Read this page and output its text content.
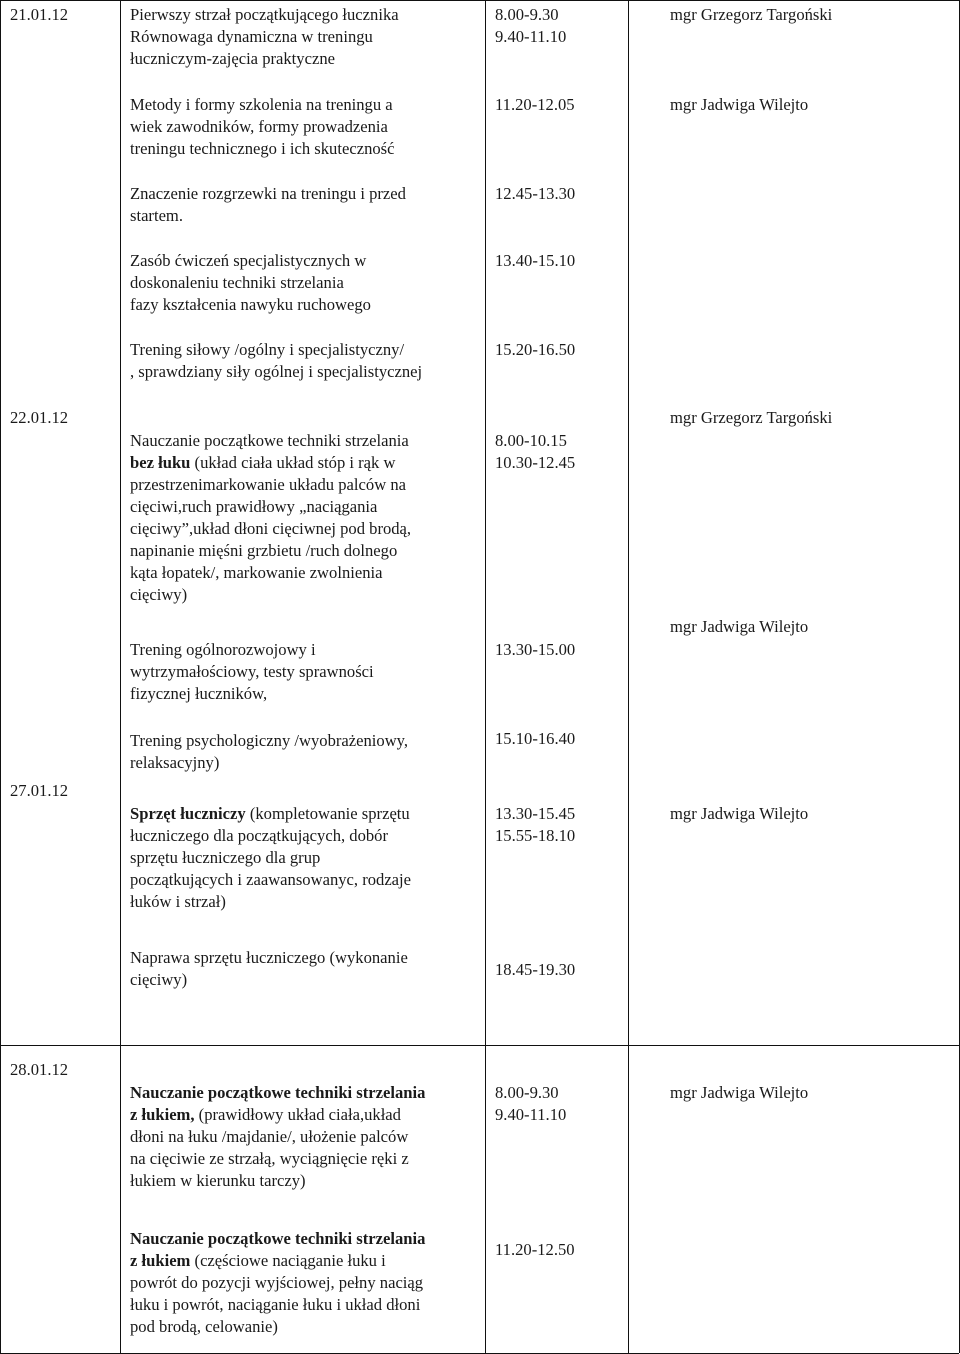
21.01.12	Pierwszy strzał początkującego łucznika
Równowaga dynamiczna w treningu
łuczniczym-zajęcia praktyczne
8.00-9.30
9.40-11.10
mgr Grzegorz Targoński
Metody i formy szkolenia na treningu a
wiek zawodników, formy prowadzenia
treningu technicznego i ich skuteczność
11.20-12.05	mgr Jadwiga Wilejto
Znaczenie rozgrzewki na treningu i przed
startem.
12.45-13.30
Zasób ćwiczeń specjalistycznych w
doskonaleniu techniki strzelania
fazy kształcenia nawyku ruchowego
13.40-15.10
Trening siłowy /ogólny i specjalistyczny/
, sprawdziany siły ogólnej i specjalistycznej
15.20-16.50
22.01.12
Nauczanie początkowe techniki strzelania
bez łuku (układ ciała układ stóp i rąk w
przestrzenimarkowanie układu palców na
cięciwi,ruch prawidłowy „naciągania
cięciwy”,układ dłoni cięciwnej pod brodą,
napinanie mięśni grzbietu /ruch dolnego
kąta łopatek/, markowanie zwolnienia
cięciwy)
8.00-10.15
10.30-12.45
mgr Grzegorz Targoński
Trening ogólnorozwojowy i
wytrzymałościowy, testy sprawności
fizycznej łuczników,
13.30-15.00
mgr Jadwiga Wilejto
Trening psychologiczny /wyobrażeniowy,
relaksacyjny)
15.10-16.40
27.01.12
Sprzęt łuczniczy (kompletowanie sprzętu
łuczniczego dla początkujących, dobór
sprzętu łuczniczego dla grup
początkujących i zaawansowanyc, rodzaje
łuków i strzał)
13.30-15.45
15.55-18.10
mgr Jadwiga Wilejto
Naprawa sprzętu łuczniczego (wykonanie
cięciwy)
18.45-19.30
28.01.12
Nauczanie początkowe techniki strzelania
z łukiem, (prawidłowy układ ciała,układ
dłoni na łuku /majdanie/, ułożenie palców
na cięciwie ze strzałą, wyciągnięcie ręki z
łukiem w kierunku tarczy)
8.00-9.30
9.40-11.10
mgr Jadwiga Wilejto
Nauczanie początkowe techniki strzelania
z łukiem (częściowe naciąganie łuku i
powrót do pozycji wyjściowej, pełny naciąg
łuku i powrót, naciąganie łuku i układ dłoni
pod brodą, celowanie)
11.20-12.50
